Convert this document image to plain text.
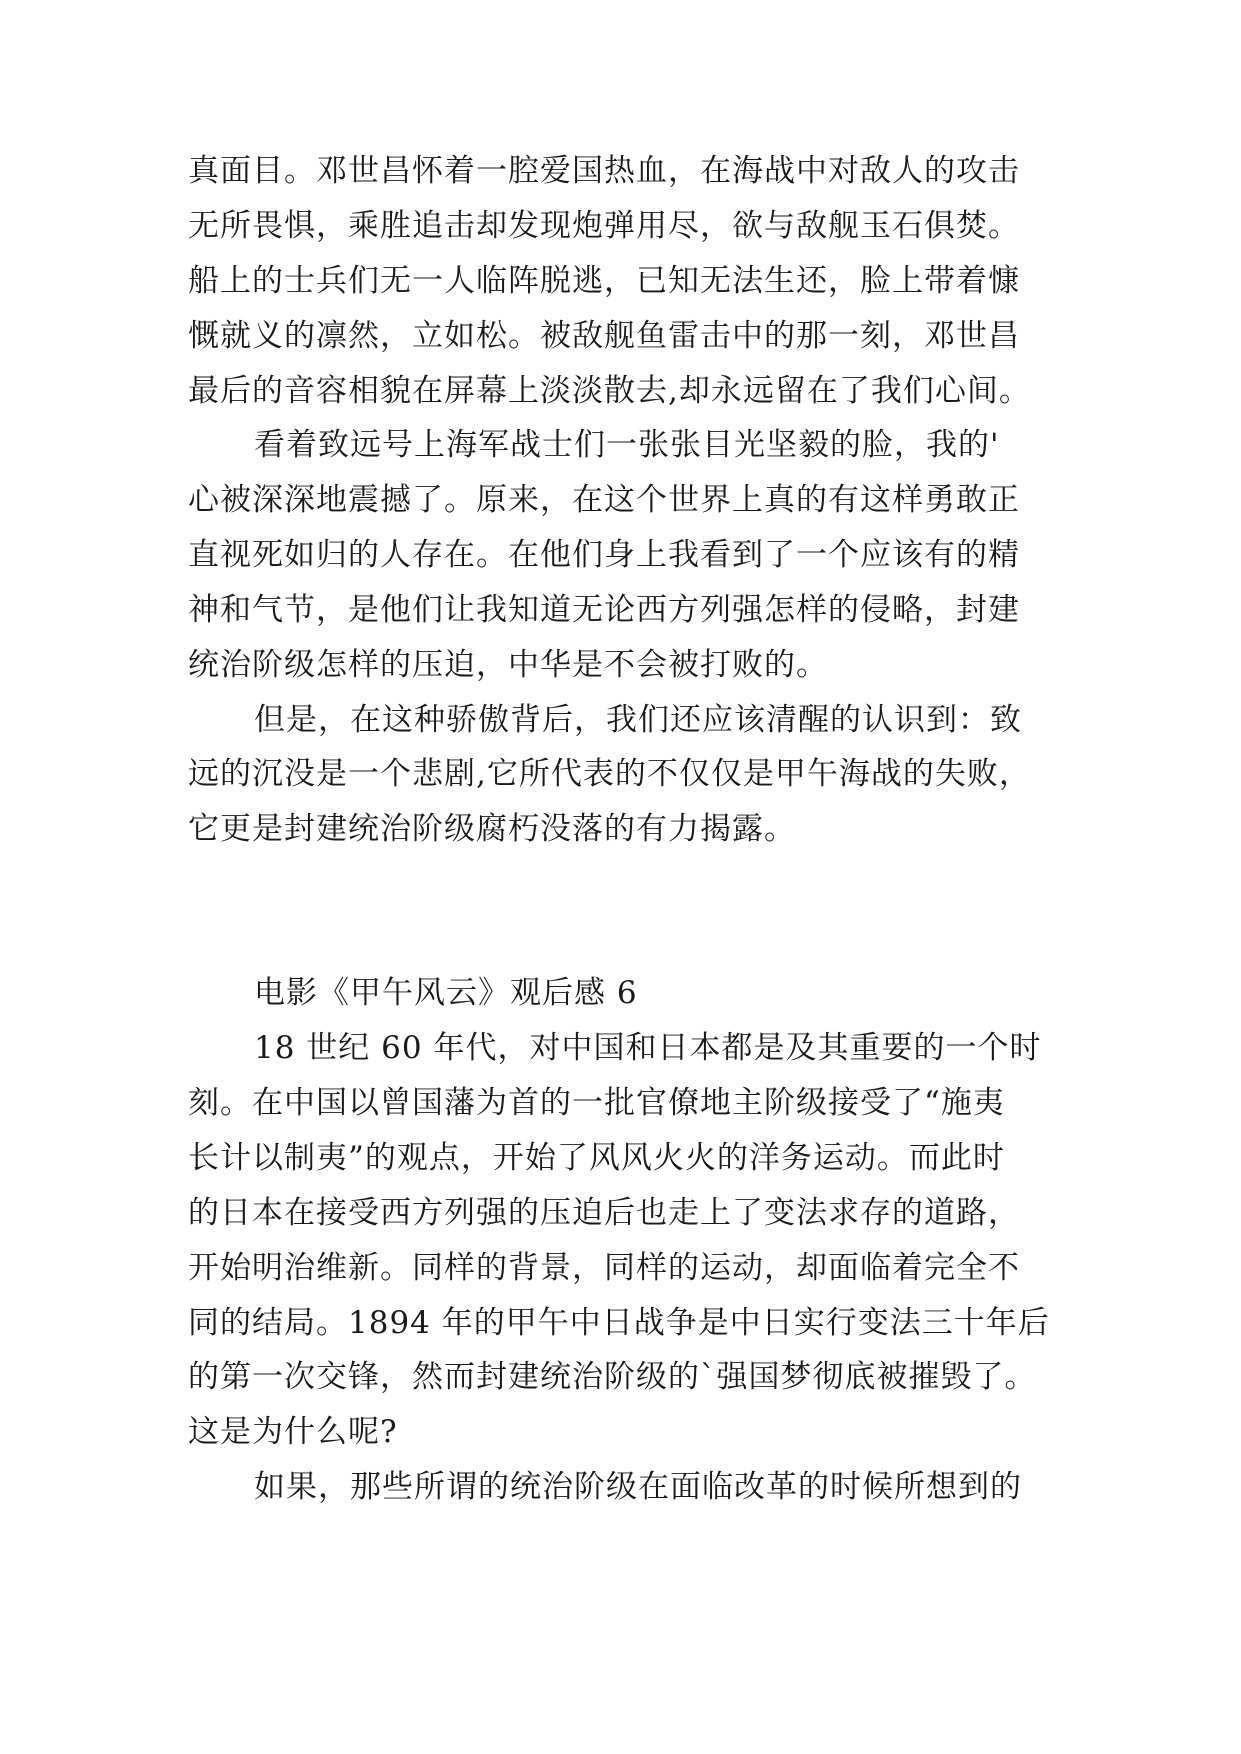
真面目。邓世昌怀着一腔爱国热血，在海战中对敌人的攻击
无所畏惧，乘胜追击却发现炮弹用尽，欲与敌舰玉石俱焚。
船上的士兵们无一人临阵脱逃，已知无法生还，脸上带着慷
慨就义的凛然，立如松。被敌舰鱼雷击中的那一刻，邓世昌
最后的音容相貌在屏幕上淡淡散去,却永远留在了我们心间。
看着致远号上海军战士们一张张目光坚毅的脸，我的'
心被深深地震撼了。原来，在这个世界上真的有这样勇敢正
直视死如归的人存在。在他们身上我看到了一个应该有的精
神和气节，是他们让我知道无论西方列强怎样的侵略，封建
统治阶级怎样的压迫，中华是不会被打败的。
但是，在这种骄傲背后，我们还应该清醒的认识到：致
远的沉没是一个悲剧,它所代表的不仅仅是甲午海战的失败，
它更是封建统治阶级腐朽没落的有力揭露。
电影《甲午风云》观后感 6
18 世纪 60 年代，对中国和日本都是及其重要的一个时
刻。在中国以曾国藩为首的一批官僚地主阶级接受了“施夷
长计以制夷”的观点，开始了风风火火的洋务运动。而此时
的日本在接受西方列强的压迫后也走上了变法求存的道路，
开始明治维新。同样的背景，同样的运动，却面临着完全不
同的结局。1894 年的甲午中日战争是中日实行变法三十年后
的第一次交锋，然而封建统治阶级的`强国梦彻底被摧毁了。
这是为什么呢?
如果，那些所谓的统治阶级在面临改革的时候所想到的
